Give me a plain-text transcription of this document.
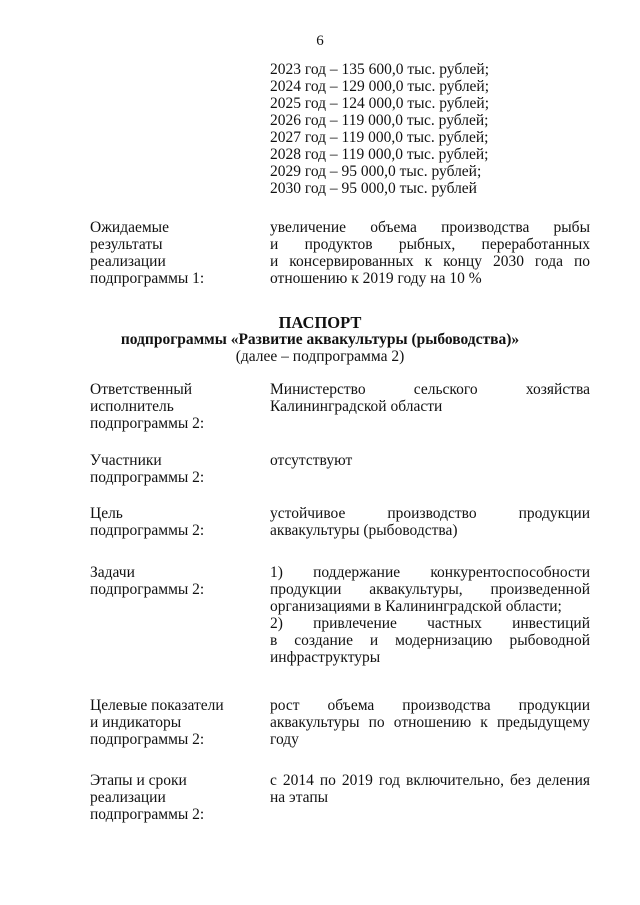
6
2023 год – 135 600,0 тыс. рублей;
2024 год – 129 000,0 тыс. рублей;
2025 год – 124 000,0 тыс. рублей;
2026 год – 119 000,0 тыс. рублей;
2027 год – 119 000,0 тыс. рублей;
2028 год – 119 000,0 тыс. рублей;
2029 год – 95 000,0 тыс. рублей;
2030 год – 95 000,0 тыс. рублей
Ожидаемые
результаты
реализации
подпрограммы 1:
увеличение объема производства рыбы
и продуктов рыбных, переработанных
и консервированных к концу 2030 года по
отношению к 2019 году на 10 %
ПАСПОРТ
подпрограммы «Развитие аквакультуры (рыбоводства)»
(далее – подпрограмма 2)
Ответственный
исполнитель
подпрограммы 2:
Министерство сельского хозяйства
Калининградской области
Участники
подпрограммы 2:
отсутствуют
Цель
подпрограммы 2:
устойчивое производство продукции
аквакультуры (рыбоводства)
Задачи
подпрограммы 2:
1) поддержание конкурентоспособности
продукции аквакультуры, произведенной
организациями в Калининградской области;
2) привлечение частных инвестиций
в создание и модернизацию рыбоводной
инфраструктуры
Целевые показатели
и индикаторы
подпрограммы 2:
рост объема производства продукции
аквакультуры по отношению к предыдущему
году
Этапы и сроки
реализации
подпрограммы 2:
с 2014 по 2019 год включительно, без деления
на этапы
